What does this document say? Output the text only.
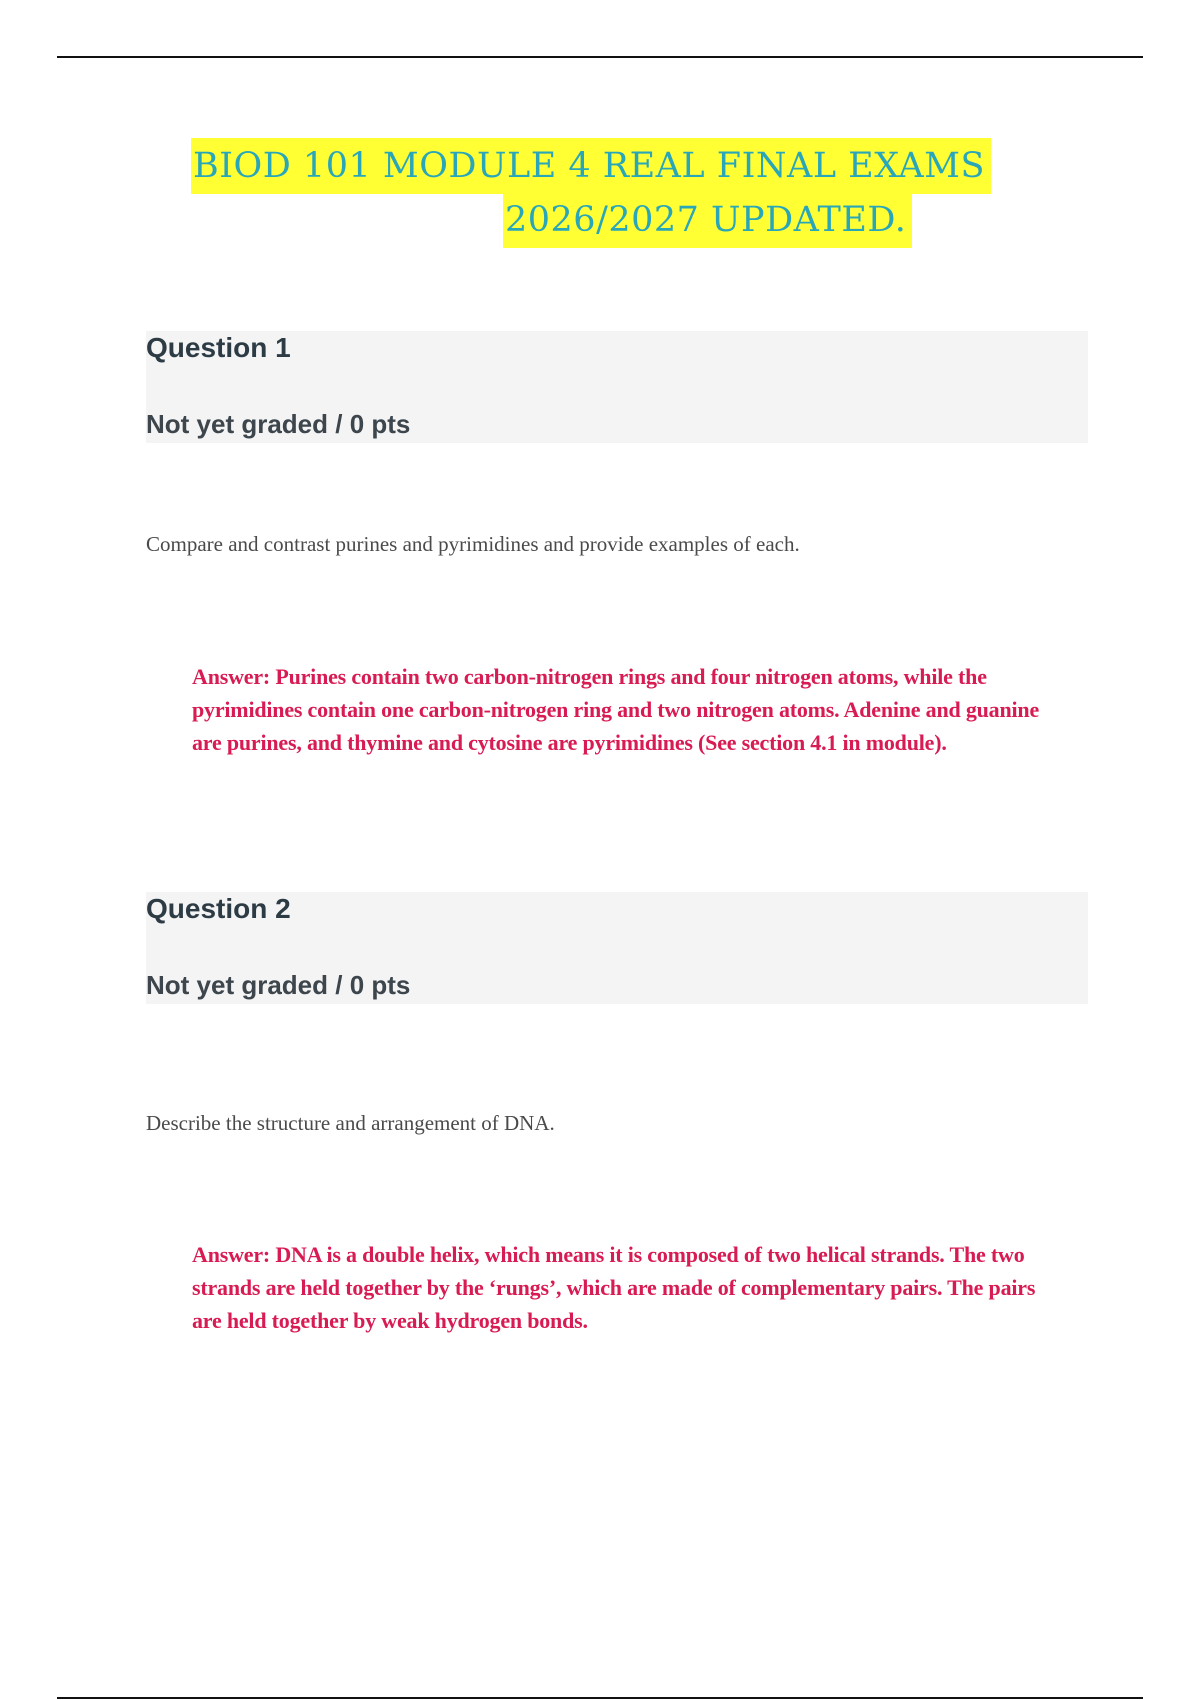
BIOD 101 MODULE 4 REAL FINAL EXAMS
2026/2027 UPDATED.
Question 1
Not yet graded / 0 pts
Compare and contrast purines and pyrimidines and provide examples of each.
Answer: Purines contain two carbon-nitrogen rings and four nitrogen atoms, while the pyrimidines contain one carbon-nitrogen ring and two nitrogen atoms. Adenine and guanine are purines, and thymine and cytosine are pyrimidines (See section 4.1 in module).
Question 2
Not yet graded / 0 pts
Describe the structure and arrangement of DNA.
Answer: DNA is a double helix, which means it is composed of two helical strands. The two strands are held together by the ‘rungs’, which are made of complementary pairs. The pairs are held together by weak hydrogen bonds.
